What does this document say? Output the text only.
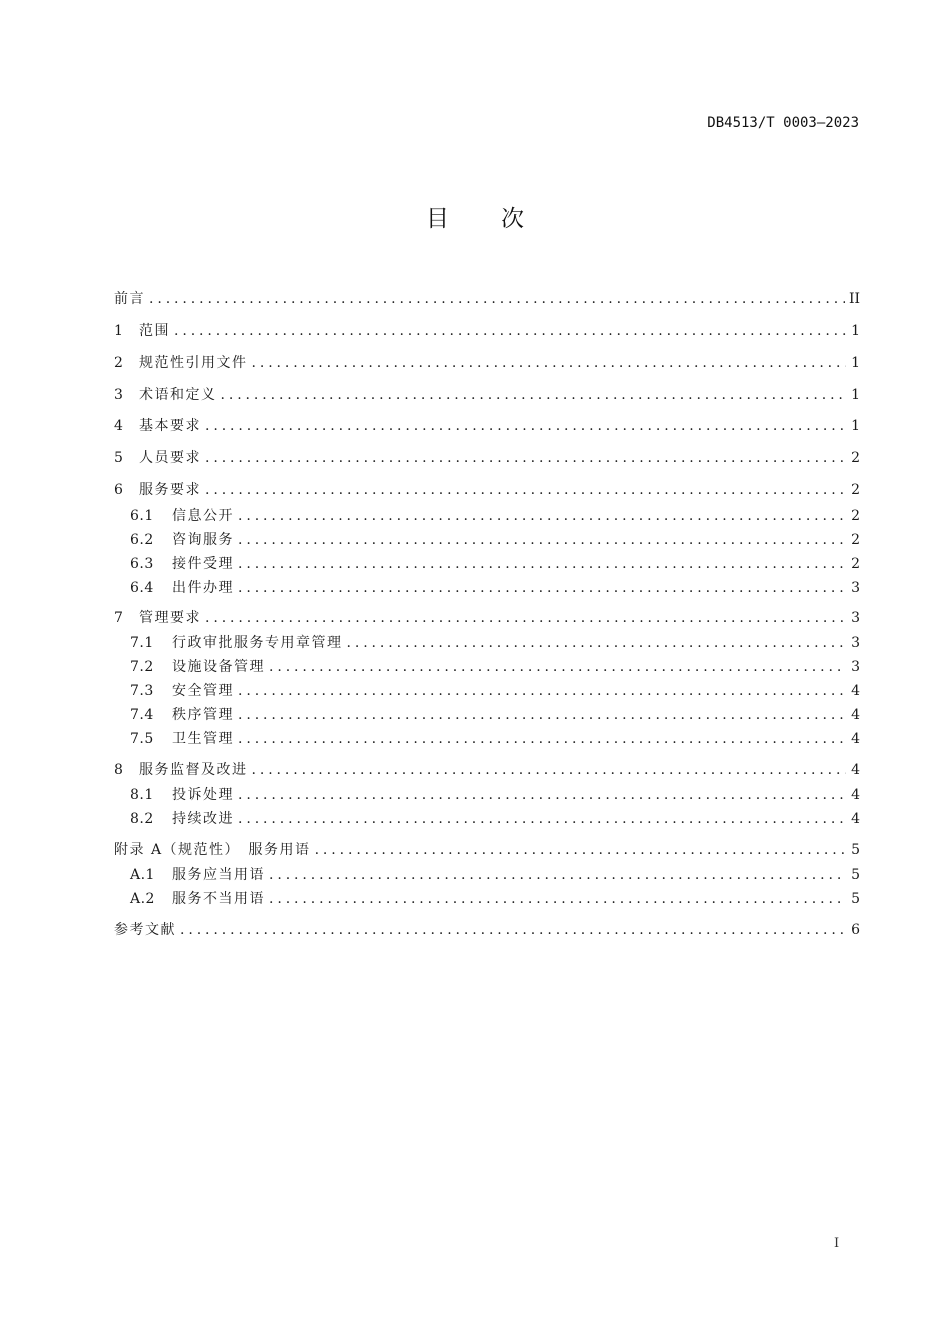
DB4513/T 0003—2023
目 次
前言 .....	II
1	范围 .....	1
2	规范性引用文件 .....	1
3	术语和定义 .....	1
4	基本要求 .....	1
5	人员要求 .....	2
6	服务要求 .....	2
6.1	信息公开 .....	2
6.2	咨询服务 .....	2
6.3	接件受理 .....	2
6.4	出件办理 .....	3
7	管理要求 .....	3
7.1	行政审批服务专用章管理 .....	3
7.2	设施设备管理 .....	3
7.3	安全管理 .....	4
7.4	秩序管理 .....	4
7.5	卫生管理 .....	4
8	服务监督及改进 .....	4
8.1	投诉处理 .....	4
8.2	持续改进 .....	4
附录 A（规范性）　服务用语 .....	5
A.1	服务应当用语 .....	5
A.2	服务不当用语 .....	5
参考文献 .....	6
I
